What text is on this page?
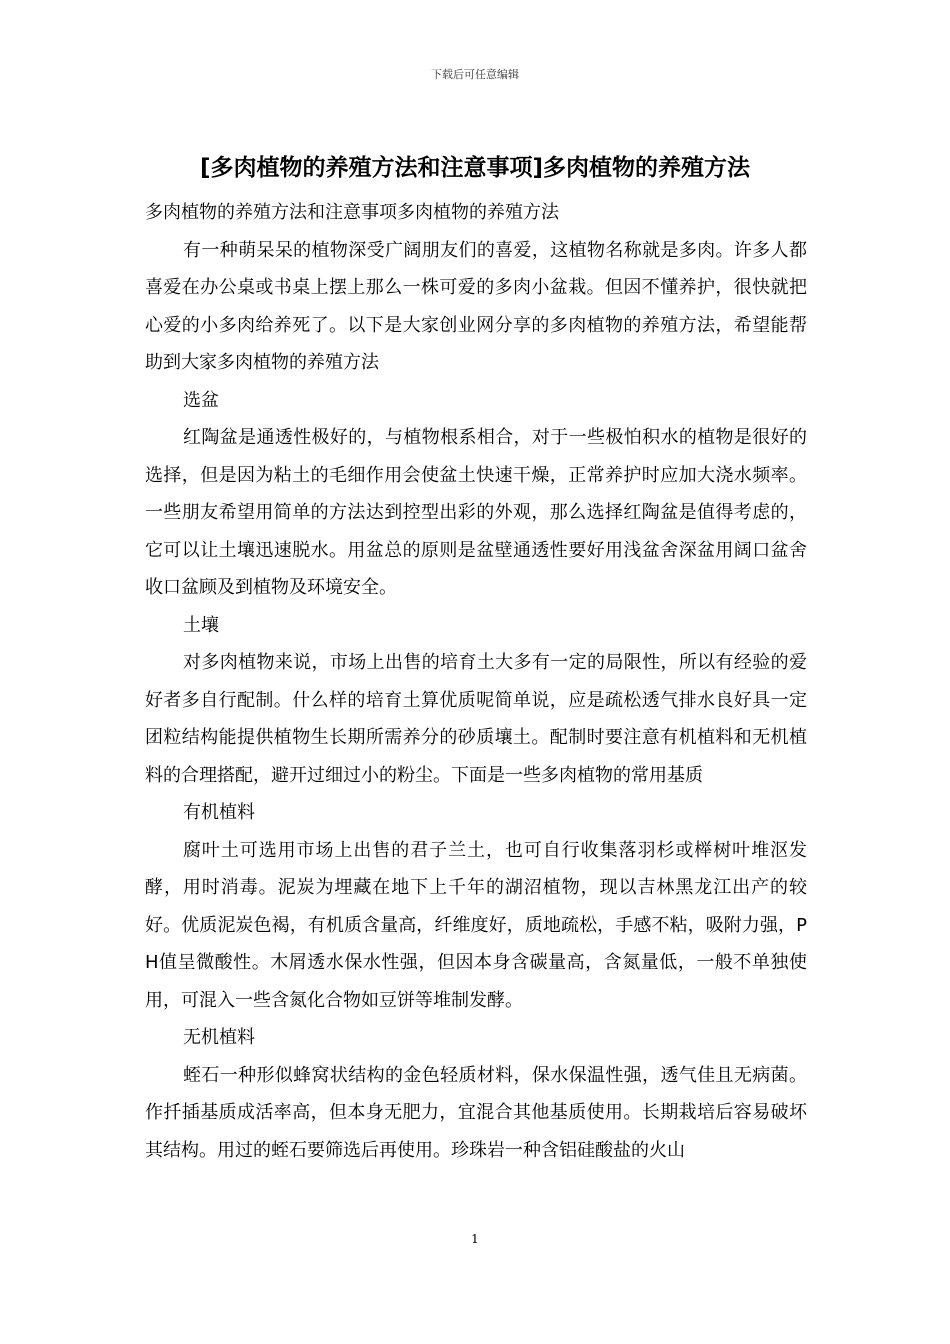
下载后可任意编辑
[多肉植物的养殖方法和注意事项]多肉植物的养殖方法

多肉植物的养殖方法和注意事项多肉植物的养殖方法

有一种萌呆呆的植物深受广阔朋友们的喜爱，这植物名称就是多肉。许多人都喜爱在办公桌或书桌上摆上那么一株可爱的多肉小盆栽。但因不懂养护，很快就把心爱的小多肉给养死了。以下是大家创业网分享的多肉植物的养殖方法，希望能帮助到大家多肉植物的养殖方法

选盆

红陶盆是通透性极好的，与植物根系相合，对于一些极怕积水的植物是很好的选择，但是因为粘土的毛细作用会使盆土快速干燥，正常养护时应加大浇水频率。一些朋友希望用简单的方法达到控型出彩的外观，那么选择红陶盆是值得考虑的，它可以让土壤迅速脱水。用盆总的原则是盆壁通透性要好用浅盆舍深盆用阔口盆舍收口盆顾及到植物及环境安全。

土壤

对多肉植物来说，市场上出售的培育土大多有一定的局限性，所以有经验的爱好者多自行配制。什么样的培育土算优质呢简单说，应是疏松透气排水良好具一定团粒结构能提供植物生长期所需养分的砂质壤土。配制时要注意有机植料和无机植料的合理搭配，避开过细过小的粉尘。下面是一些多肉植物的常用基质

有机植料

腐叶土可选用市场上出售的君子兰土，也可自行收集落羽杉或榉树叶堆沤发酵，用时消毒。泥炭为埋藏在地下上千年的湖沼植物，现以吉林黑龙江出产的较好。优质泥炭色褐，有机质含量高，纤维度好，质地疏松，手感不粘，吸附力强，PH值呈微酸性。木屑透水保水性强，但因本身含碳量高，含氮量低，一般不单独使用，可混入一些含氮化合物如豆饼等堆制发酵。

无机植料

蛭石一种形似蜂窝状结构的金色轻质材料，保水保温性强，透气佳且无病菌。作扦插基质成活率高，但本身无肥力，宜混合其他基质使用。长期栽培后容易破坏其结构。用过的蛭石要筛选后再使用。珍珠岩一种含铝硅酸盐的火山

1
